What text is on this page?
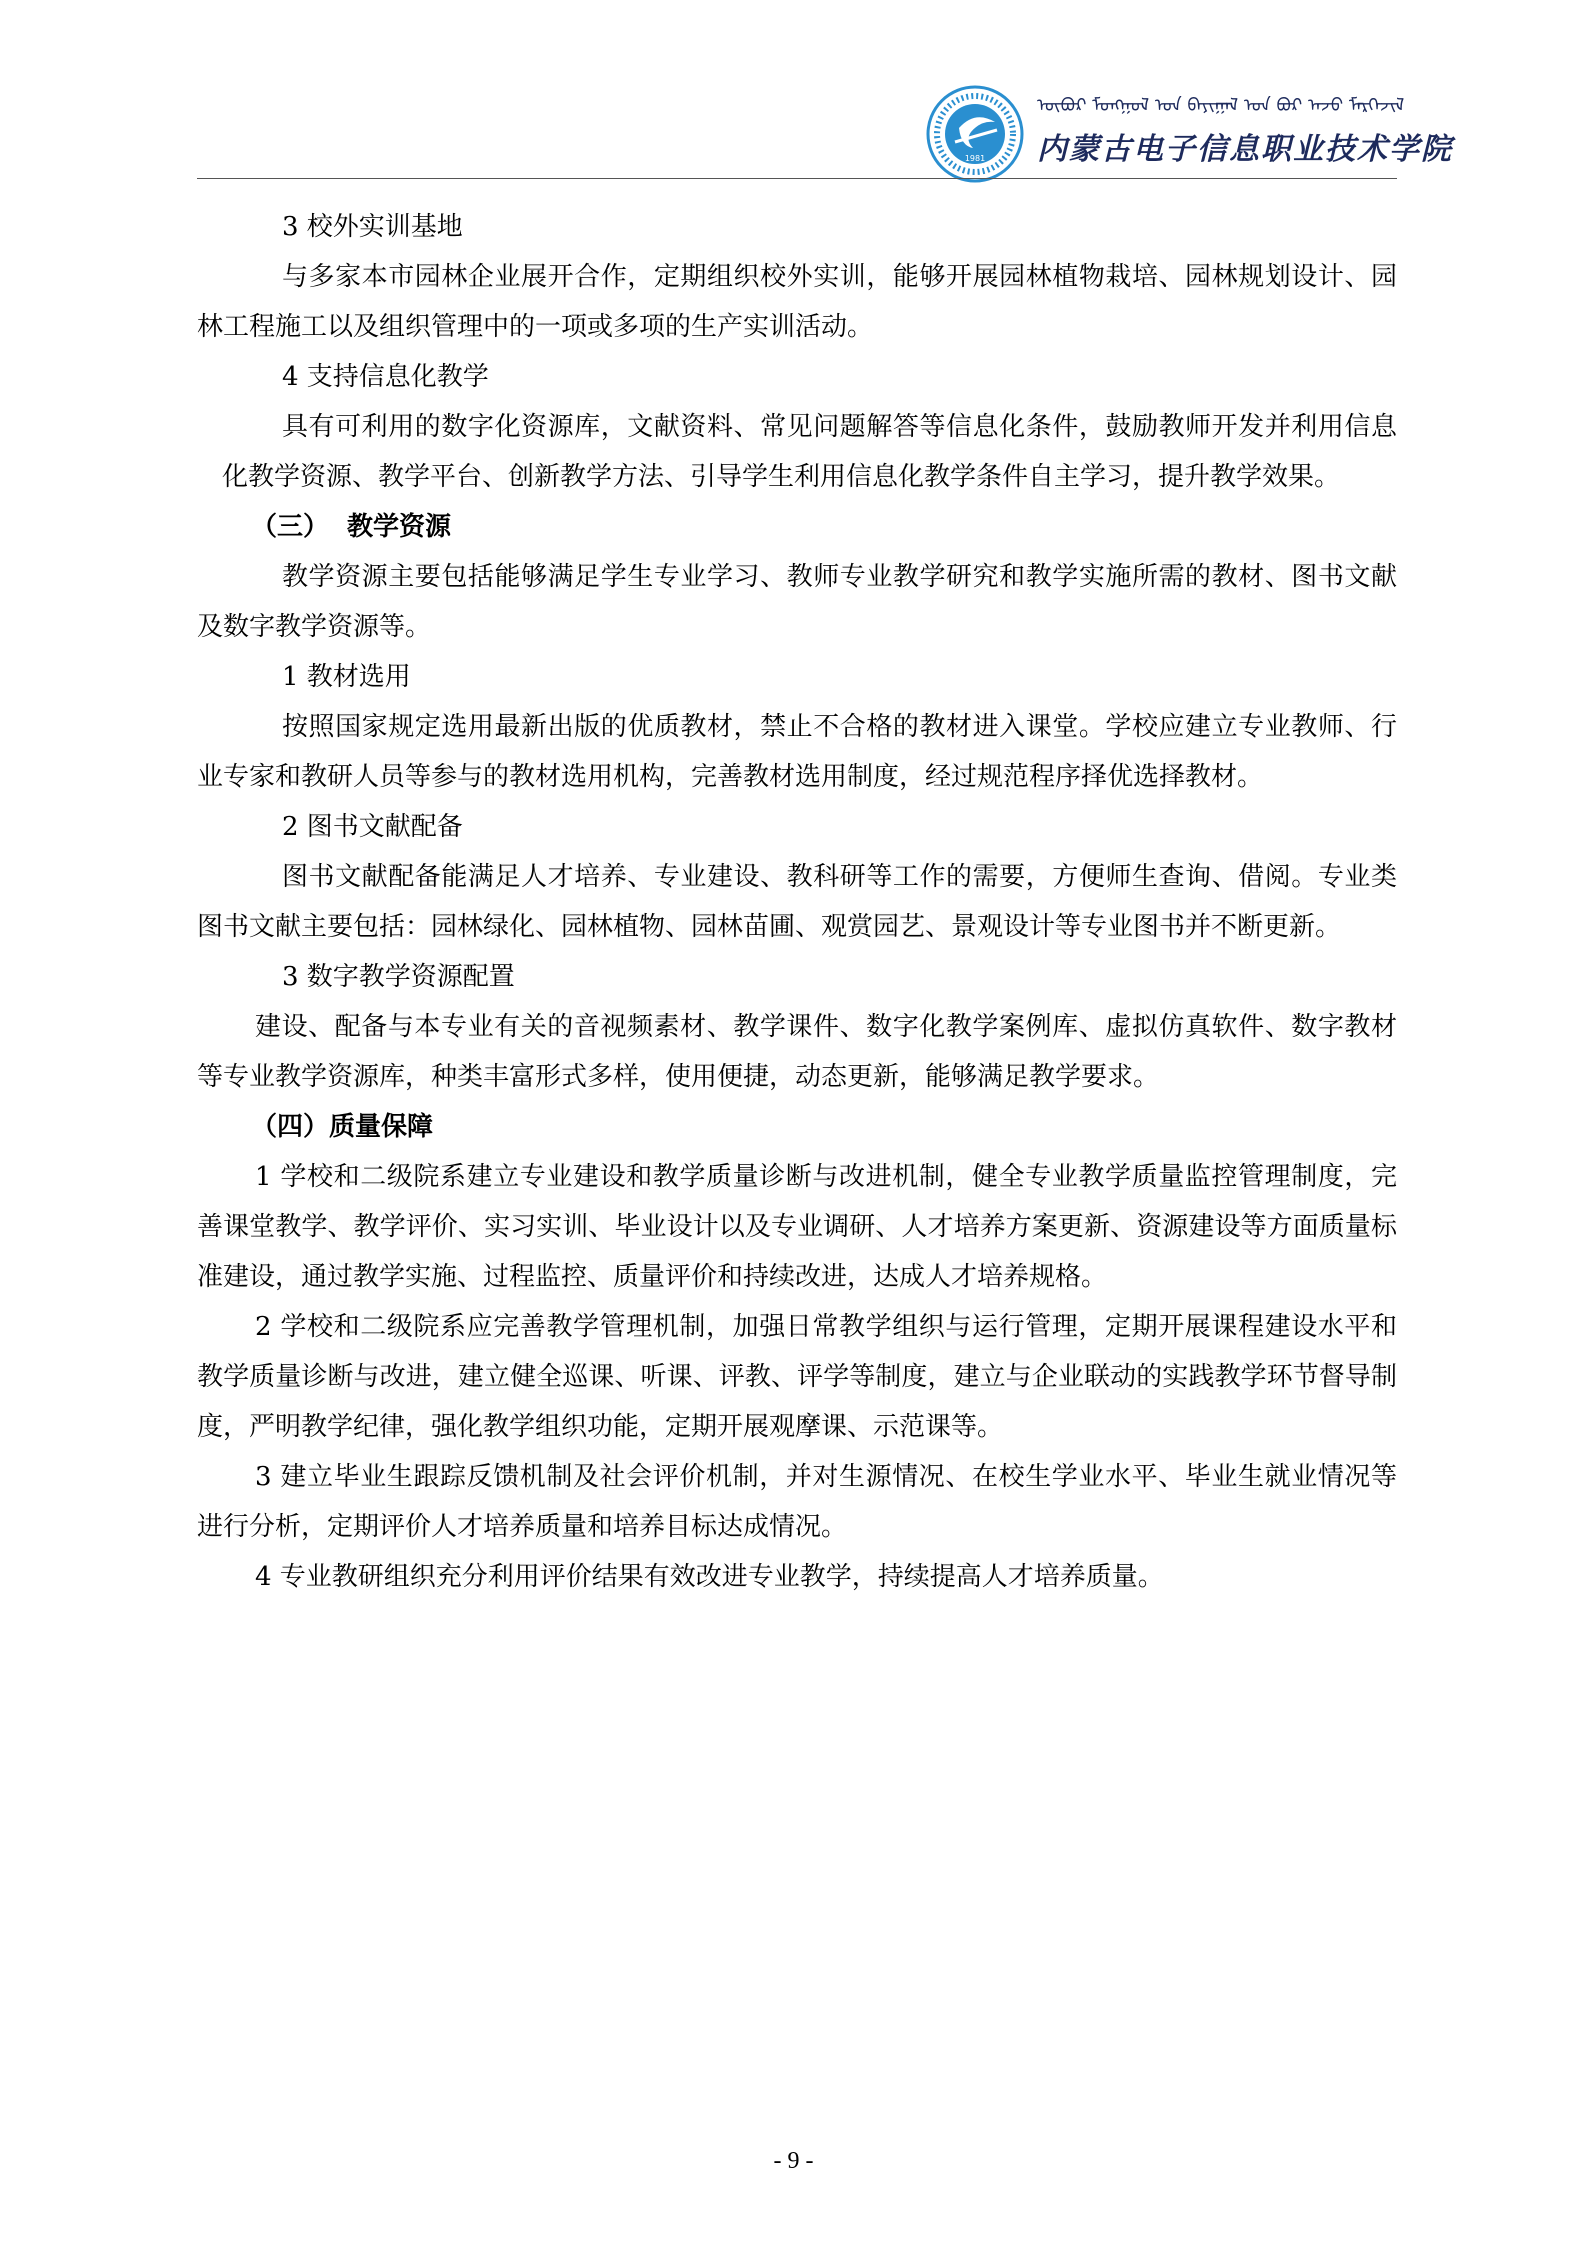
1981
ᠥᠪᠥᠷ ᠮᠣᠩᠭᠣᠯ ᠤᠨ ᠪᠠᠶᠢᠭᠠᠯ ᠤᠨ ᠪᠤᠷ ᠠᠵᠤ ᠮᠡᠷᠭᠡᠵᠢᠯ
内蒙古电子信息职业技术学院

3 校外实训基地

与多家本市园林企业展开合作，定期组织校外实训，能够开展园林植物栽培、园林规划设计、园林工程施工以及组织管理中的一项或多项的生产实训活动。

4 支持信息化教学

具有可利用的数字化资源库，文献资料、常见问题解答等信息化条件，鼓励教师开发并利用信息化教学资源、教学平台、创新教学方法、引导学生利用信息化教学条件自主学习，提升教学效果。

（三） 教学资源

教学资源主要包括能够满足学生专业学习、教师专业教学研究和教学实施所需的教材、图书文献及数字教学资源等。

1 教材选用

按照国家规定选用最新出版的优质教材，禁止不合格的教材进入课堂。学校应建立专业教师、行业专家和教研人员等参与的教材选用机构，完善教材选用制度，经过规范程序择优选择教材。

2 图书文献配备

图书文献配备能满足人才培养、专业建设、教科研等工作的需要，方便师生查询、借阅。专业类图书文献主要包括：园林绿化、园林植物、园林苗圃、观赏园艺、景观设计等专业图书并不断更新。

3 数字教学资源配置

建设、配备与本专业有关的音视频素材、教学课件、数字化教学案例库、虚拟仿真软件、数字教材等专业教学资源库，种类丰富形式多样，使用便捷，动态更新，能够满足教学要求。

（四）质量保障

1 学校和二级院系建立专业建设和教学质量诊断与改进机制，健全专业教学质量监控管理制度，完善课堂教学、教学评价、实习实训、毕业设计以及专业调研、人才培养方案更新、资源建设等方面质量标准建设，通过教学实施、过程监控、质量评价和持续改进，达成人才培养规格。

2 学校和二级院系应完善教学管理机制，加强日常教学组织与运行管理，定期开展课程建设水平和教学质量诊断与改进，建立健全巡课、听课、评教、评学等制度，建立与企业联动的实践教学环节督导制度，严明教学纪律，强化教学组织功能，定期开展观摩课、示范课等。

3 建立毕业生跟踪反馈机制及社会评价机制，并对生源情况、在校生学业水平、毕业生就业情况等进行分析，定期评价人才培养质量和培养目标达成情况。

4 专业教研组织充分利用评价结果有效改进专业教学，持续提高人才培养质量。

- 9 -
